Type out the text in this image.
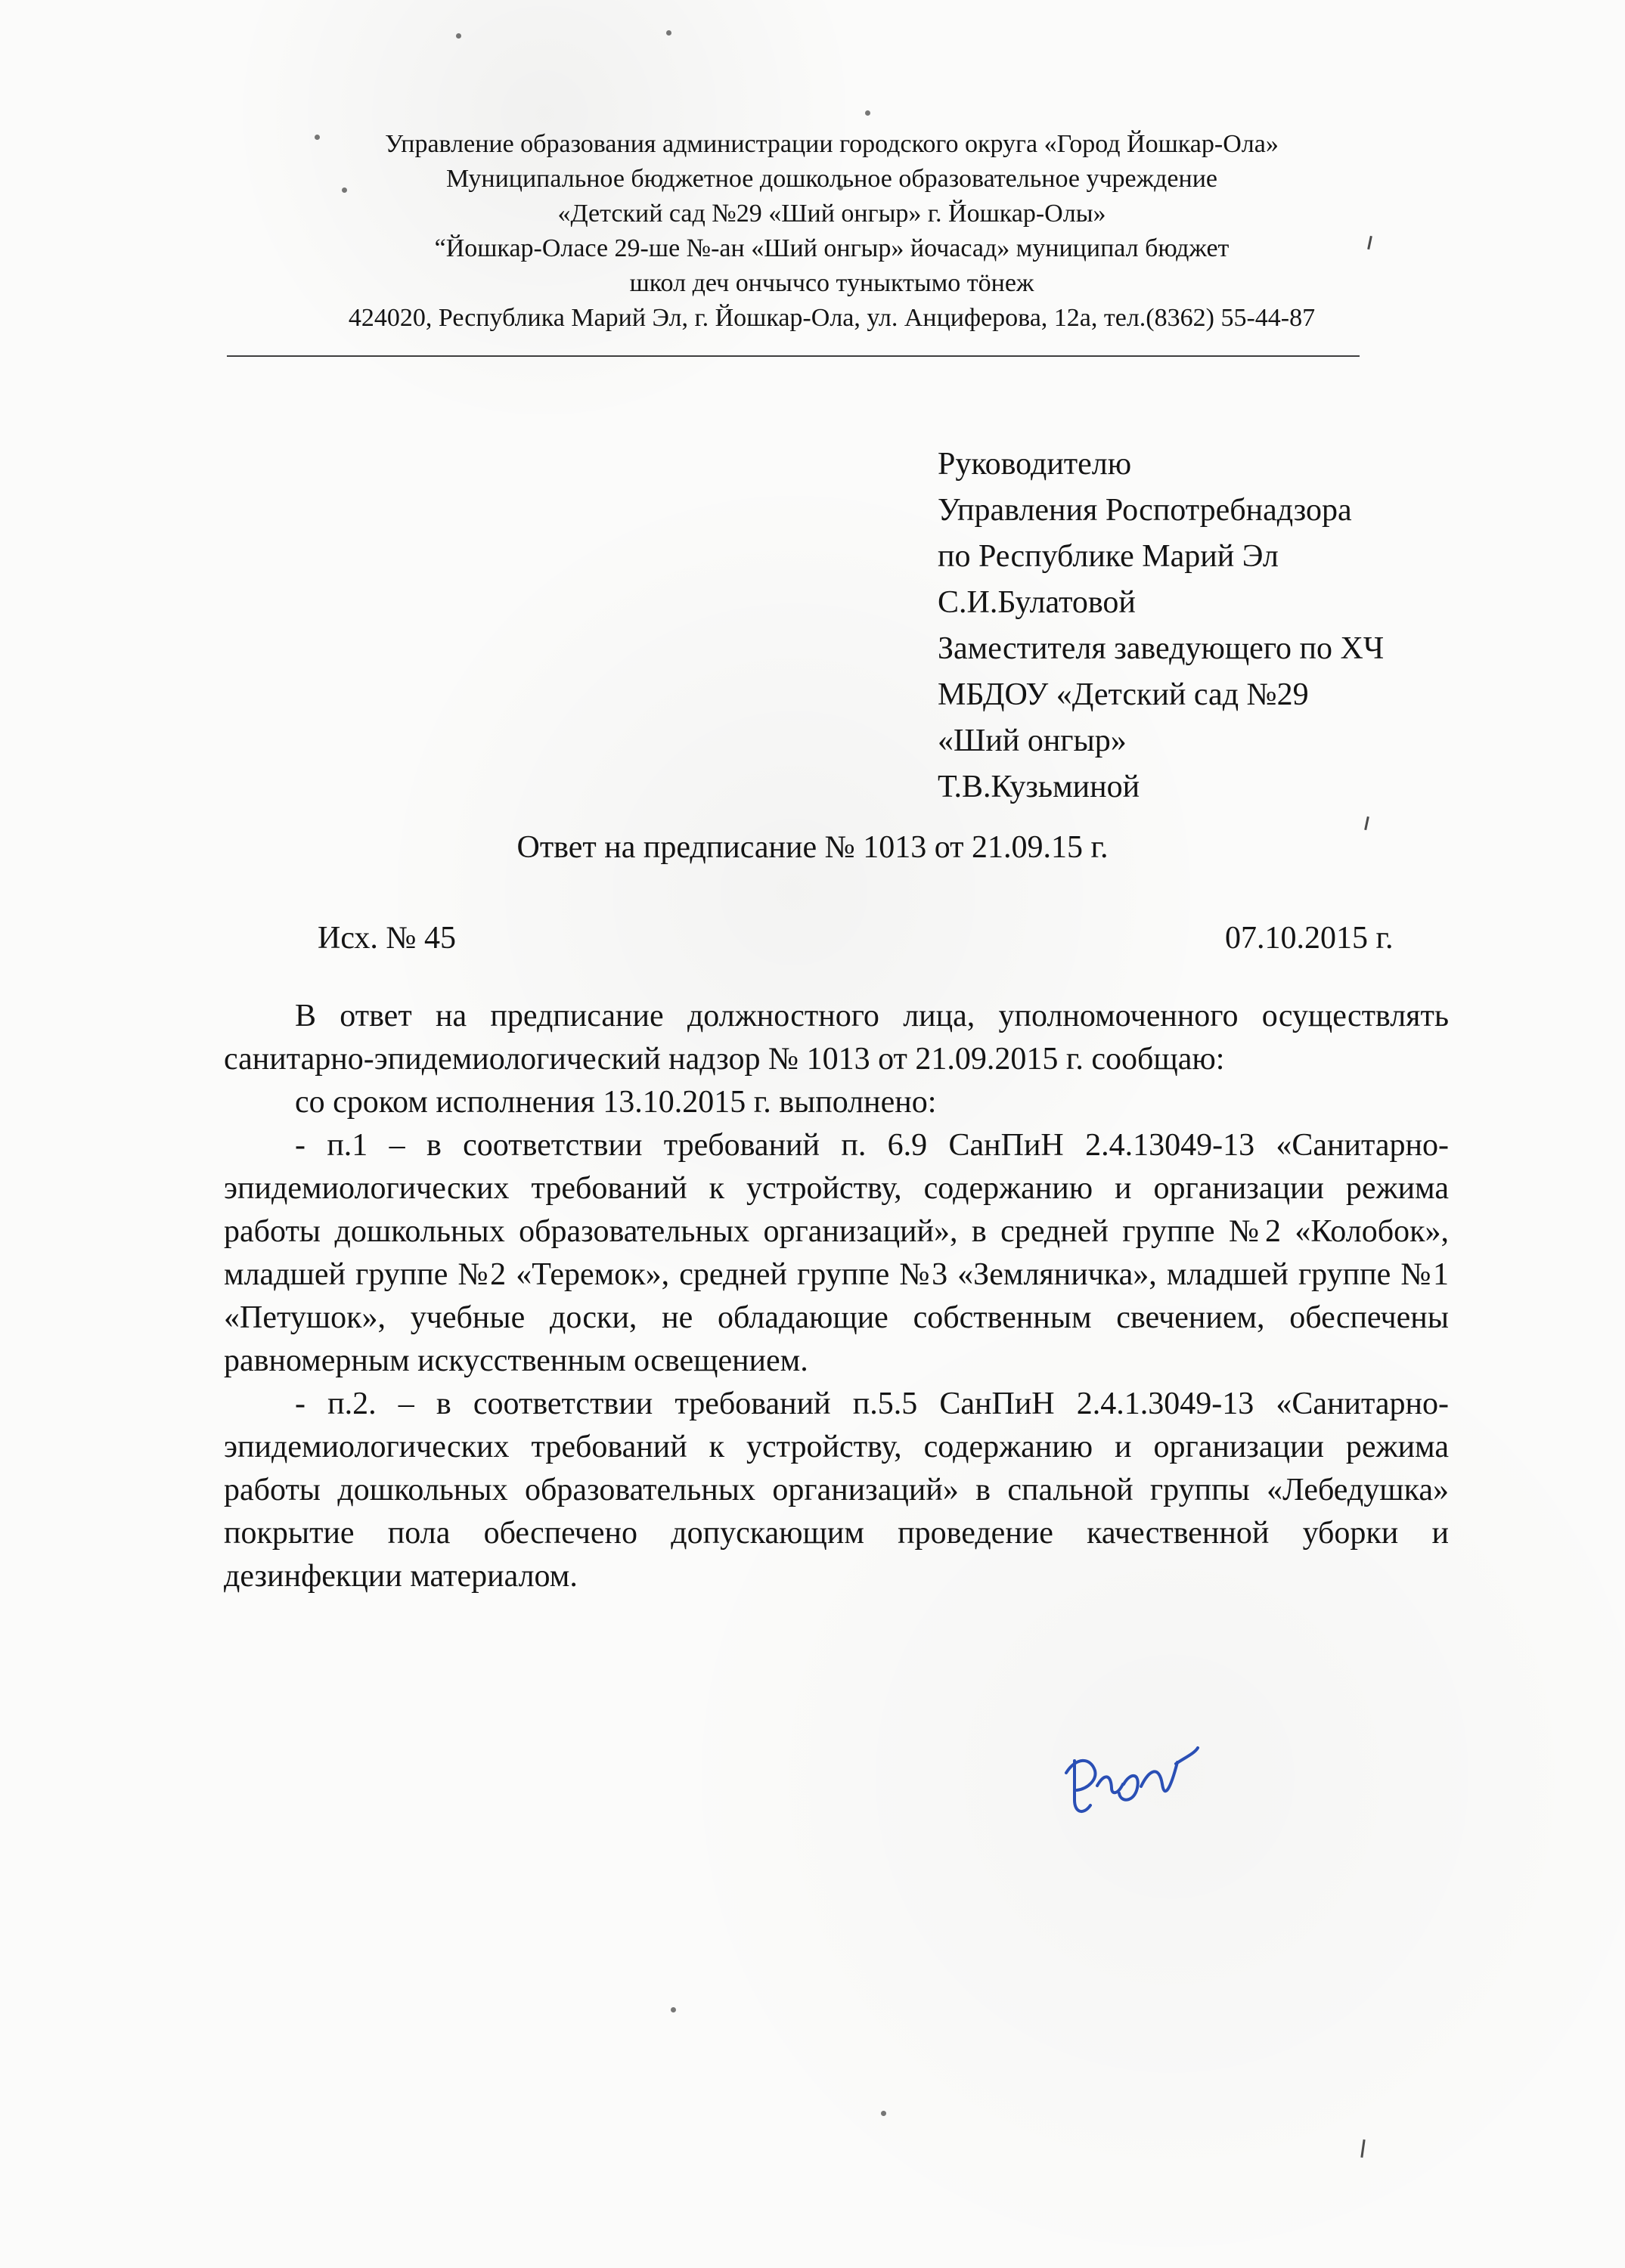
Управление образования администрации городского округа «Город Йошкар-Ола»
Муниципальное бюджетное дошкольное образовательное учреждение
«Детский сад №29 «Ший онгыр» г. Йошкар-Олы»
“Йошкар-Оласе 29-ше №-ан «Ший онгыр» йочасад» муниципал бюджет
школ деч ончычсо туныктымо тӧнеж
424020, Республика Марий Эл, г. Йошкар-Ола, ул. Анциферова, 12а, тел.(8362) 55-44-87
Руководителю
Управления Роспотребнадзора
по Республике Марий Эл
С.И.Булатовой
Заместителя заведующего по ХЧ
МБДОУ «Детский сад №29
«Ший онгыр»
Т.В.Кузьминой
Ответ на предписание № 1013 от 21.09.15 г.
Исх. № 45	07.10.2015 г.

В ответ на предписание должностного лица, уполномоченного осуществлять санитарно-эпидемиологический надзор № 1013 от 21.09.2015 г. сообщаю:

со сроком исполнения 13.10.2015 г. выполнено:

- п.1 – в соответствии требований п. 6.9 СанПиН 2.4.13049-13 «Санитарно-эпидемиологических требований к устройству, содержанию и организации режима работы дошкольных образовательных организаций», в средней группе №2 «Колобок», младшей группе №2 «Теремок», средней группе №3 «Земляничка», младшей группе №1 «Петушок», учебные доски, не обладающие собственным свечением, обеспечены равномерным искусственным освещением.

- п.2. – в соответствии требований п.5.5 СанПиН 2.4.1.3049-13 «Санитарно-эпидемиологических требований к устройству, содержанию и организации режима работы дошкольных образовательных организаций» в спальной группы «Лебедушка» покрытие пола обеспечено допускающим проведение качественной уборки и дезинфекции материалом.
